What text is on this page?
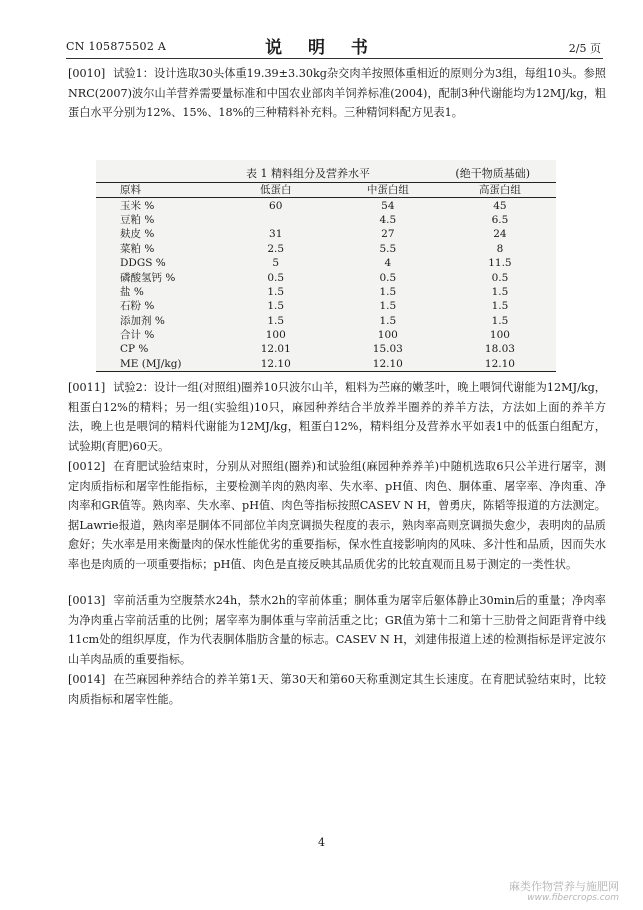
CN 105875502 A	说 明 书	2/5 页
[0010] 试验1：设计选取30头体重19.39±3.30kg杂交肉羊按照体重相近的原则分为3组，每组10头。参照NRC(2007)波尔山羊营养需要量标准和中国农业部肉羊饲养标准(2004)，配制3种代谢能均为12MJ/kg，粗蛋白水平分别为12%、15%、18%的三种精料补充料。三种精饲料配方见表1。
表 1 精料组分及营养水平	(绝干物质基础)
原料	低蛋白	中蛋白组	高蛋白组
玉米 %	60	54	45
豆粕 %		4.5	6.5
麸皮 %	31	27	24
菜粕 %	2.5	5.5	8
DDGS %	5	4	11.5
磷酸氢钙 %	0.5	0.5	0.5
盐 %	1.5	1.5	1.5
石粉 %	1.5	1.5	1.5
添加剂 %	1.5	1.5	1.5
合计 %	100	100	100
CP %	12.01	15.03	18.03
ME (MJ/kg)	12.10	12.10	12.10
[0011] 试验2：设计一组(对照组)圈养10只波尔山羊，粗料为苎麻的嫩茎叶，晚上喂饲代谢能为12MJ/kg，粗蛋白12%的精料；另一组(实验组)10只，麻园种养结合半放养半圈养的养羊方法，方法如上面的养羊方法，晚上也是喂饲的精料代谢能为12MJ/kg，粗蛋白12%，精料组分及营养水平如表1中的低蛋白组配方，试验期(育肥)60天。
[0012] 在育肥试验结束时，分别从对照组(圈养)和试验组(麻园种养养羊)中随机选取6只公羊进行屠宰，测定肉质指标和屠宰性能指标，主要检测羊肉的熟肉率、失水率、pH值、肉色、胴体重、屠宰率、净肉重、净肉率和GR值等。熟肉率、失水率、pH值、肉色等指标按照CASEV N H，曾勇庆，陈韬等报道的方法测定。据Lawrie报道，熟肉率是胴体不同部位羊肉烹调损失程度的表示，熟肉率高则烹调损失愈少，表明肉的品质愈好；失水率是用来衡量肉的保水性能优劣的重要指标，保水性直接影响肉的风味、多汁性和品质，因而失水率也是肉质的一项重要指标；pH值、肉色是直接反映其品质优劣的比较直观而且易于测定的一类性状。
[0013] 宰前活重为空腹禁水24h，禁水2h的宰前体重；胴体重为屠宰后躯体静止30min后的重量；净肉率为净肉重占宰前活重的比例；屠宰率为胴体重与宰前活重之比；GR值为第十二和第十三肋骨之间距背脊中线 11cm处的组织厚度，作为代表胴体脂肪含量的标志。CASEV N H，刘建伟报道上述的检测指标是评定波尔山羊肉品质的重要指标。
[0014] 在苎麻园种养结合的养羊第1天、第30天和第60天称重测定其生长速度。在育肥试验结束时，比较肉质指标和屠宰性能。
4
麻类作物营养与施肥网
www.fibercrops.com
